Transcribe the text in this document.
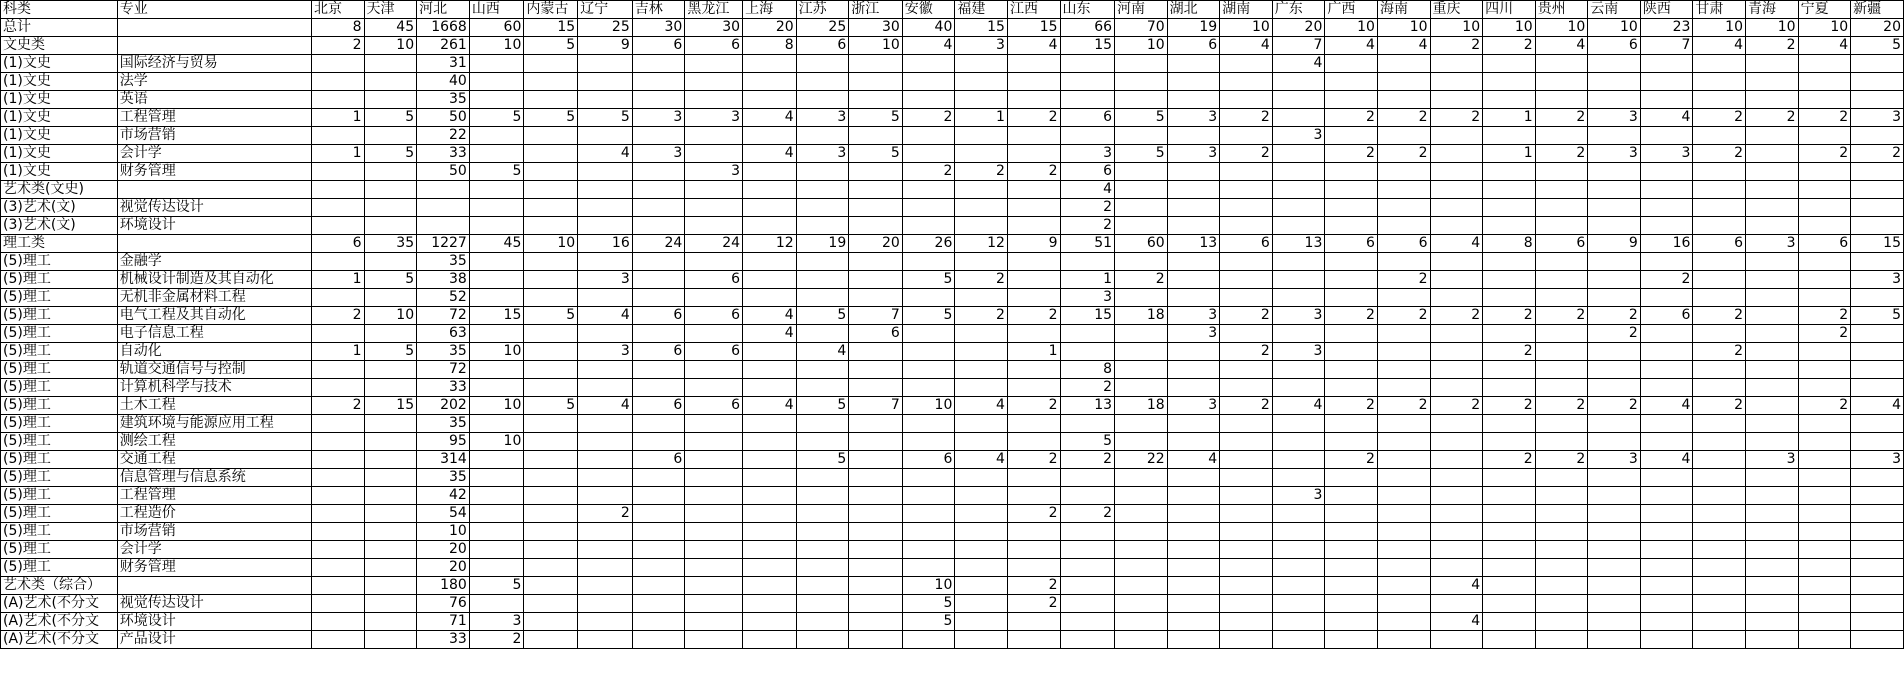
科类	专业	北京	天津	河北	山西	内蒙古	辽宁	吉林	黑龙江	上海	江苏	浙江	安徽	福建	江西	山东	河南	湖北	湖南	广东	广西	海南	重庆	四川	贵州	云南	陕西	甘肃	青海	宁夏	新疆
总计		8	45	1668	60	15	25	30	30	20	25	30	40	15	15	66	70	19	10	20	10	10	10	10	10	10	23	10	10	10	20
文史类		2	10	261	10	5	9	6	6	8	6	10	4	3	4	15	10	6	4	7	4	4	2	2	4	6	7	4	2	4	5
(1)文史	国际经济与贸易			31																4											
(1)文史	法学			40																											
(1)文史	英语			35																											
(1)文史	工程管理	1	5	50	5	5	5	3	3	4	3	5	2	1	2	6	5	3	2		2	2	2	1	2	3	4	2	2	2	3
(1)文史	市场营销			22																3											
(1)文史	会计学	1	5	33			4	3		4	3	5				3	5	3	2		2	2		1	2	3	3	2		2	2
(1)文史	财务管理			50	5				3				2	2	2	6															
艺术类(文史)																4															
(3)艺术(文)	视觉传达设计															2															
(3)艺术(文)	环境设计															2															
理工类		6	35	1227	45	10	16	24	24	12	19	20	26	12	9	51	60	13	6	13	6	6	4	8	6	9	16	6	3	6	15
(5)理工	金融学			35																											
(5)理工	机械设计制造及其自动化	1	5	38			3		6				5	2		1	2					2					2				3
(5)理工	无机非金属材料工程			52												3															
(5)理工	电气工程及其自动化	2	10	72	15	5	4	6	6	4	5	7	5	2	2	15	18	3	2	3	2	2	2	2	2	2	6	2		2	5
(5)理工	电子信息工程			63						4		6						3								2				2	
(5)理工	自动化	1	5	35	10		3	6	6		4				1				2	3				2				2			
(5)理工	轨道交通信号与控制			72												8															
(5)理工	计算机科学与技术			33												2															
(5)理工	土木工程	2	15	202	10	5	4	6	6	4	5	7	10	4	2	13	18	3	2	4	2	2	2	2	2	2	4	2		2	4
(5)理工	建筑环境与能源应用工程			35																											
(5)理工	测绘工程			95	10											5															
(5)理工	交通工程			314				6			5		6	4	2	2	22	4			2			2	2	3	4		3		3
(5)理工	信息管理与信息系统			35																											
(5)理工	工程管理			42																3											
(5)理工	工程造价			54			2								2	2															
(5)理工	市场营销			10																											
(5)理工	会计学			20																											
(5)理工	财务管理			20																											
艺术类（综合）				180	5								10		2								4								
(A)艺术(不分文	视觉传达设计			76									5		2																
(A)艺术(不分文	环境设计			71	3								5										4								
(A)艺术(不分文	产品设计			33	2																										
